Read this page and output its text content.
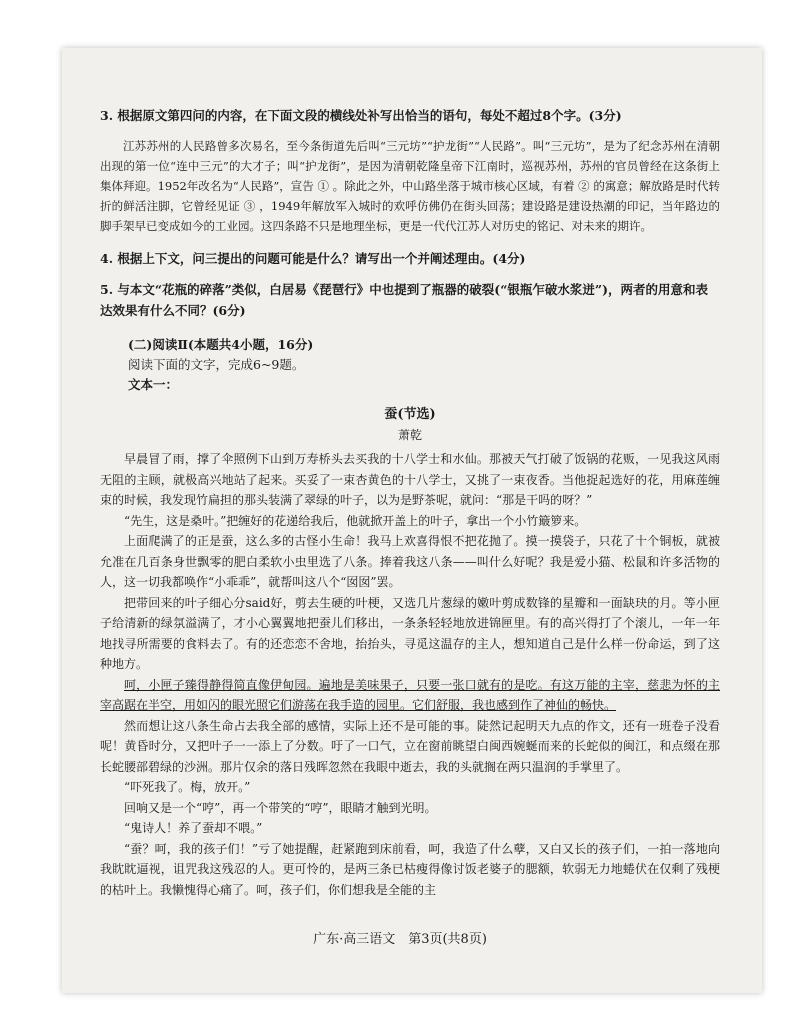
3. 根据原文第四问的内容，在下面文段的横线处补写出恰当的语句，每处不超过8个字。(3分)

江苏苏州的人民路曾多次易名，至今条街道先后叫“三元坊”“护龙街”“人民路”。叫“三元坊”，是为了纪念苏州在清朝出现的第一位“连中三元”的大才子；叫“护龙街”，是因为清朝乾隆皇帝下江南时，巡视苏州，苏州的官员曾经在这条街上集体拜迎。1952年改名为“人民路”，宣告 ① 。除此之外，中山路坐落于城市核心区域，有着 ② 的寓意；解放路是时代转折的鲜活注脚，它曾经见证 ③ ，1949年解放军入城时的欢呼仿佛仍在街头回荡；建设路是建设热潮的印记，当年路边的脚手架早已变成如今的工业园。这四条路不只是地理坐标，更是一代代江苏人对历史的铭记、对未来的期许。

4. 根据上下文，问三提出的问题可能是什么？请写出一个并阐述理由。(4分)

5. 与本文“花瓶的碎落”类似，白居易《琵琶行》中也提到了瓶器的破裂(“银瓶乍破水浆迸”)，两者的用意和表达效果有什么不同？(6分)

(二)阅读Ⅱ(本题共4小题，16分)

阅读下面的文字，完成6~9题。

文本一：

蚕(节选)

萧乾

早晨冒了雨，撑了伞照例下山到万寿桥头去买我的十八学士和水仙。那被天气打破了饭锅的花贩，一见我这风雨无阻的主顾，就极高兴地站了起来。买妥了一束杏黄色的十八学士，又挑了一束夜香。当他捉起选好的花，用麻莲缠束的时候，我发现竹扁担的那头装满了翠绿的叶子，以为是野茶呢，就问：“那是干吗的呀？”

“先生，这是桑叶。”把缠好的花递给我后，他就掀开盖上的叶子，拿出一个小竹簸箩来。

上面爬满了的正是蚕，这么多的古怪小生命！我马上欢喜得恨不把花抛了。摸一摸袋子，只花了十个铜板，就被允准在几百条身世飘零的肥白柔软小虫里选了八条。捧着我这八条——叫什么好呢？我是爱小猫、松鼠和许多活物的人，这一切我都唤作“小乖乖”，就帮叫这八个“囡囡”罢。

把带回来的叶子细心分said好，剪去生硬的叶梗，又选几片葱绿的嫩叶剪成数锋的星瓣和一面缺玦的月。等小匣子给清新的绿氛溢满了，才小心翼翼地把蚕儿们移出，一条条轻轻地放进锦匣里。有的高兴得打了个滚儿，一年一年地找寻所需要的食料去了。有的还恋恋不舍地，抬抬头，寻觅这温存的主人，想知道自己是什么样一份命运，到了这种地方。

呵，小匣子臻得静得简直像伊甸园。遍地是美味果子，只要一张口就有的是吃。有这万能的主宰，慈悲为怀的主宰高踞在半空，用如闪的眼光照它们游荡在我手造的园里。它们舒服，我也感到作了神仙的畅快。

然而想让这八条生命占去我全部的感情，实际上还不是可能的事。陡然记起明天九点的作文，还有一班卷子没看呢！黄昏时分，又把叶子一一添上了分数。吁了一口气，立在窗前眺望白闽西婉蜒而来的长蛇似的闽江，和点缀在那长蛇腰部碧绿的沙洲。那片仅余的落日残晖忽然在我眼中逝去，我的头就搁在两只温润的手掌里了。

“吓死我了。梅，放开。”

回响又是一个“哼”，再一个带笑的“哼”，眼睛才触到光明。

“鬼诗人！养了蚕却不喂。”

“蚕？呵，我的孩子们！”亏了她提醒，赶紧跑到床前看，呵，我造了什么孽，又白又长的孩子们，一拍一落地向我眈眈逼视，诅咒我这残忍的人。更可怜的，是两三条已枯瘦得像讨饭老婆子的腮额，软弱无力地蜷伏在仅剩了残梗的枯叶上。我懒愧得心痛了。呵，孩子们，你们想我是全能的主

广东·高三语文　第3页(共8页)
